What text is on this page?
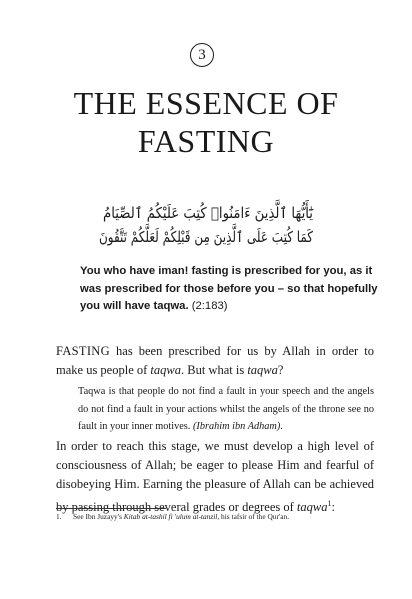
3
THE ESSENCE OF
FASTING
يَٰٓأَيُّهَا ٱلَّذِينَ ءَامَنُوا۟ كُتِبَ عَلَيْكُمُ ٱلصِّيَامُ
كَمَا كُتِبَ عَلَى ٱلَّذِينَ مِن قَبْلِكُمْ لَعَلَّكُمْ تَتَّقُونَ

You who have iman! fasting is prescribed for you, as it was prescribed for those before you – so that hopefully you will have taqwa. (2:183)

FASTING has been prescribed for us by Allah in order to make us people of taqwa. But what is taqwa?

Taqwa is that people do not find a fault in your speech and the angels do not find a fault in your actions whilst the angels of the throne see no fault in your inner motives. (Ibrahim ibn Adham).

In order to reach this stage, we must develop a high level of consciousness of Allah; be eager to please Him and fearful of disobeying Him. Earning the pleasure of Allah can be achieved by passing through several grades or degrees of taqwa$^1$:

1. See Ibn Juzayy's Kitab at-tashil fi 'ulum at-tanzil, his tafsir of the Qur'an.
